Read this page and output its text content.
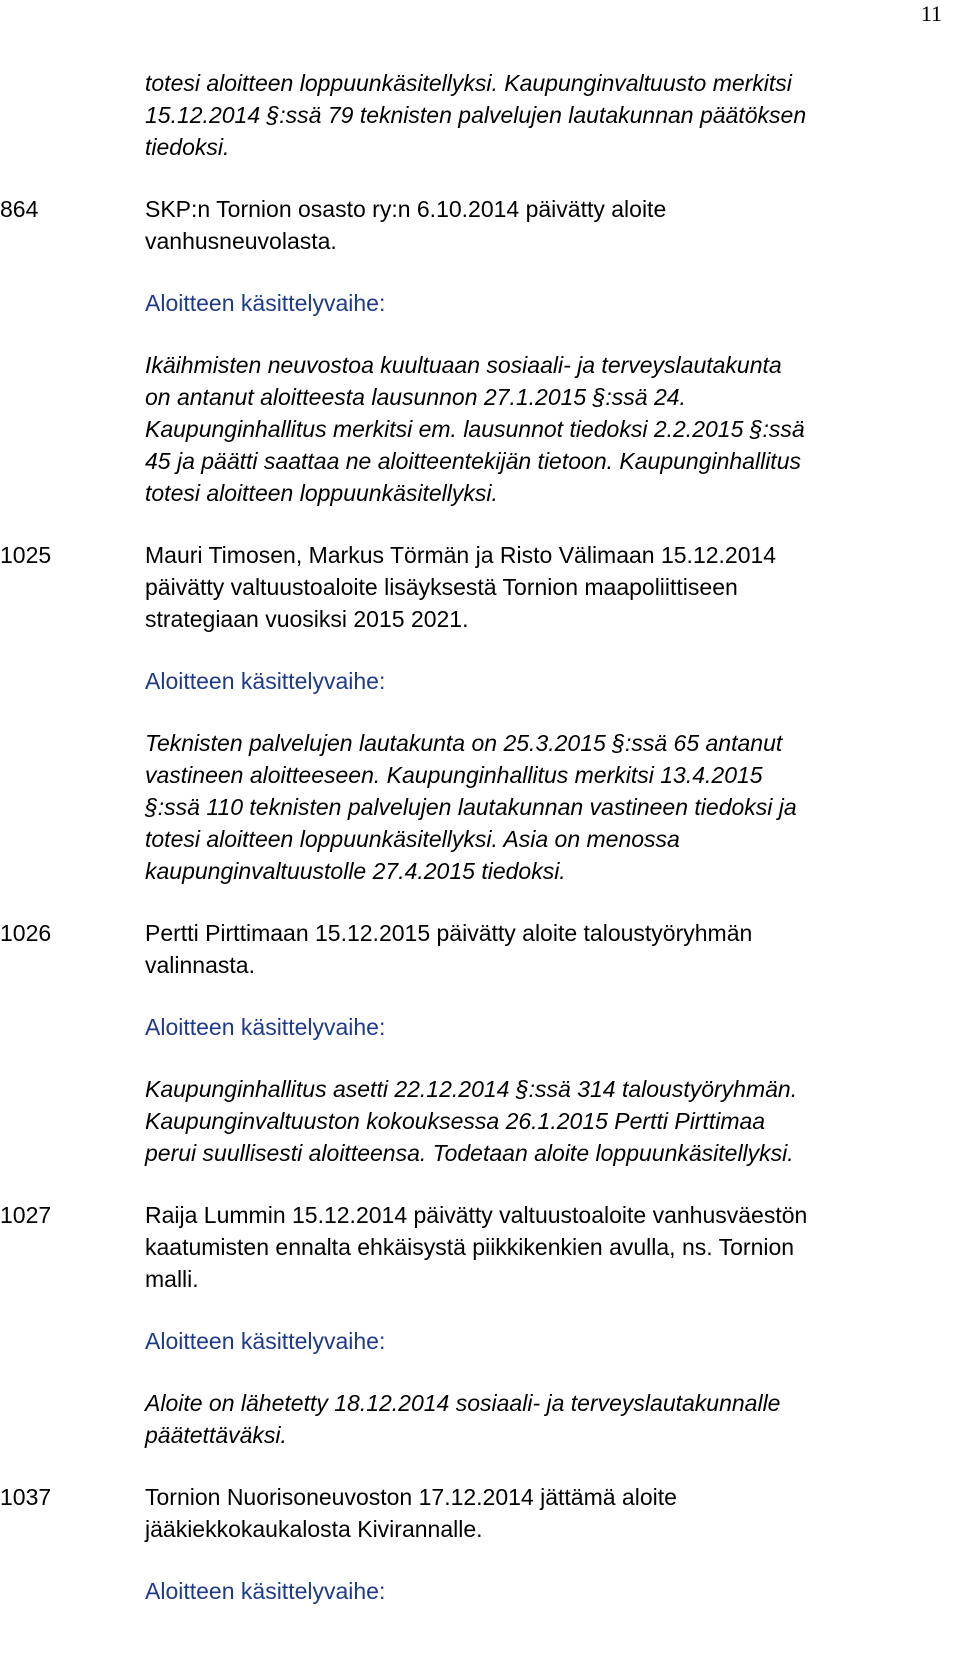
11
totesi aloitteen loppuunkäsitellyksi. Kaupunginvaltuusto merkitsi
15.12.2014 §:ssä 79 teknisten palvelujen lautakunnan päätöksen
tiedoksi.
864	SKP:n Tornion osasto ry:n 6.10.2014 päivätty aloite
vanhusneuvolasta.
Aloitteen käsittelyvaihe:
Ikäihmisten neuvostoa kuultuaan sosiaali- ja terveyslautakunta
on antanut aloitteesta lausunnon 27.1.2015 §:ssä 24.
Kaupunginhallitus merkitsi em. lausunnot tiedoksi 2.2.2015 §:ssä
45 ja päätti saattaa ne aloitteentekijän tietoon. Kaupunginhallitus
totesi aloitteen loppuunkäsitellyksi.
1025	Mauri Timosen, Markus Törmän ja Risto Välimaan 15.12.2014
päivätty valtuustoaloite lisäyksestä Tornion maapoliittiseen
strategiaan vuosiksi 2015 2021.
Aloitteen käsittelyvaihe:
Teknisten palvelujen lautakunta on 25.3.2015 §:ssä 65 antanut
vastineen aloitteeseen. Kaupunginhallitus merkitsi 13.4.2015
§:ssä 110 teknisten palvelujen lautakunnan vastineen tiedoksi ja
totesi aloitteen loppuunkäsitellyksi. Asia on menossa
kaupunginvaltuustolle 27.4.2015 tiedoksi.
1026	Pertti Pirttimaan 15.12.2015 päivätty aloite taloustyöryhmän
valinnasta.
Aloitteen käsittelyvaihe:
Kaupunginhallitus asetti 22.12.2014 §:ssä 314 taloustyöryhmän.
Kaupunginvaltuuston kokouksessa 26.1.2015 Pertti Pirttimaa
perui suullisesti aloitteensa. Todetaan aloite loppuunkäsitellyksi.
1027	Raija Lummin 15.12.2014 päivätty valtuustoaloite vanhusväestön
kaatumisten ennalta ehkäisystä piikkikenkien avulla, ns. Tornion
malli.
Aloitteen käsittelyvaihe:
Aloite on lähetetty 18.12.2014 sosiaali- ja terveyslautakunnalle
päätettäväksi.
1037	Tornion Nuorisoneuvoston 17.12.2014 jättämä aloite
jääkiekkokaukalosta Kivirannalle.
Aloitteen käsittelyvaihe:
